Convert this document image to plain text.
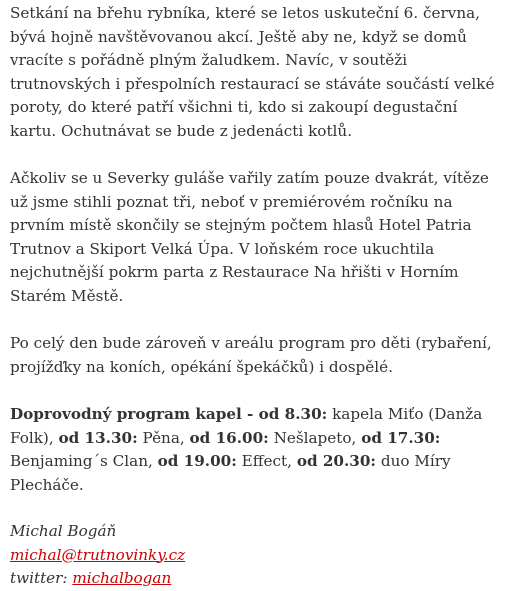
Setkání na břehu rybníka, které se letos uskuteční 6. června, bývá hojně navštěvovanou akcí. Ještě aby ne, když se domů vracíte s pořádně plným žaludkem. Navíc, v soutěži trutnovských i přespolních restaurací se stáváte součástí velké poroty, do které patří všichni ti, kdo si zakoupí degustační kartu. Ochutnávat se bude z jedenácti kotlů.

Ačkoliv se u Severky guláše vařily zatím pouze dvakrát, vítěze už jsme stihli poznat tři, neboť v premiérovém ročníku na prvním místě skončily se stejným počtem hlasů Hotel Patria Trutnov a Skiport Velká Úpa. V loňském roce ukuchtila nejchutnější pokrm parta z Restaurace Na hřišti v Horním Starém Městě.

Po celý den bude zároveň v areálu program pro děti (rybaření, projížďky na koních, opékání špekáčků) i dospělé.

Doprovodný program kapel - od 8.30: kapela Miťo (Danža Folk), od 13.30: Pěna, od 16.00: Nešlapeto, od 17.30: Benjaming´s Clan, od 19.00: Effect, od 20.30: duo Míry Plecháče.

Michal Bogáň
michal@trutnovinky.cz
twitter: michalbogan
